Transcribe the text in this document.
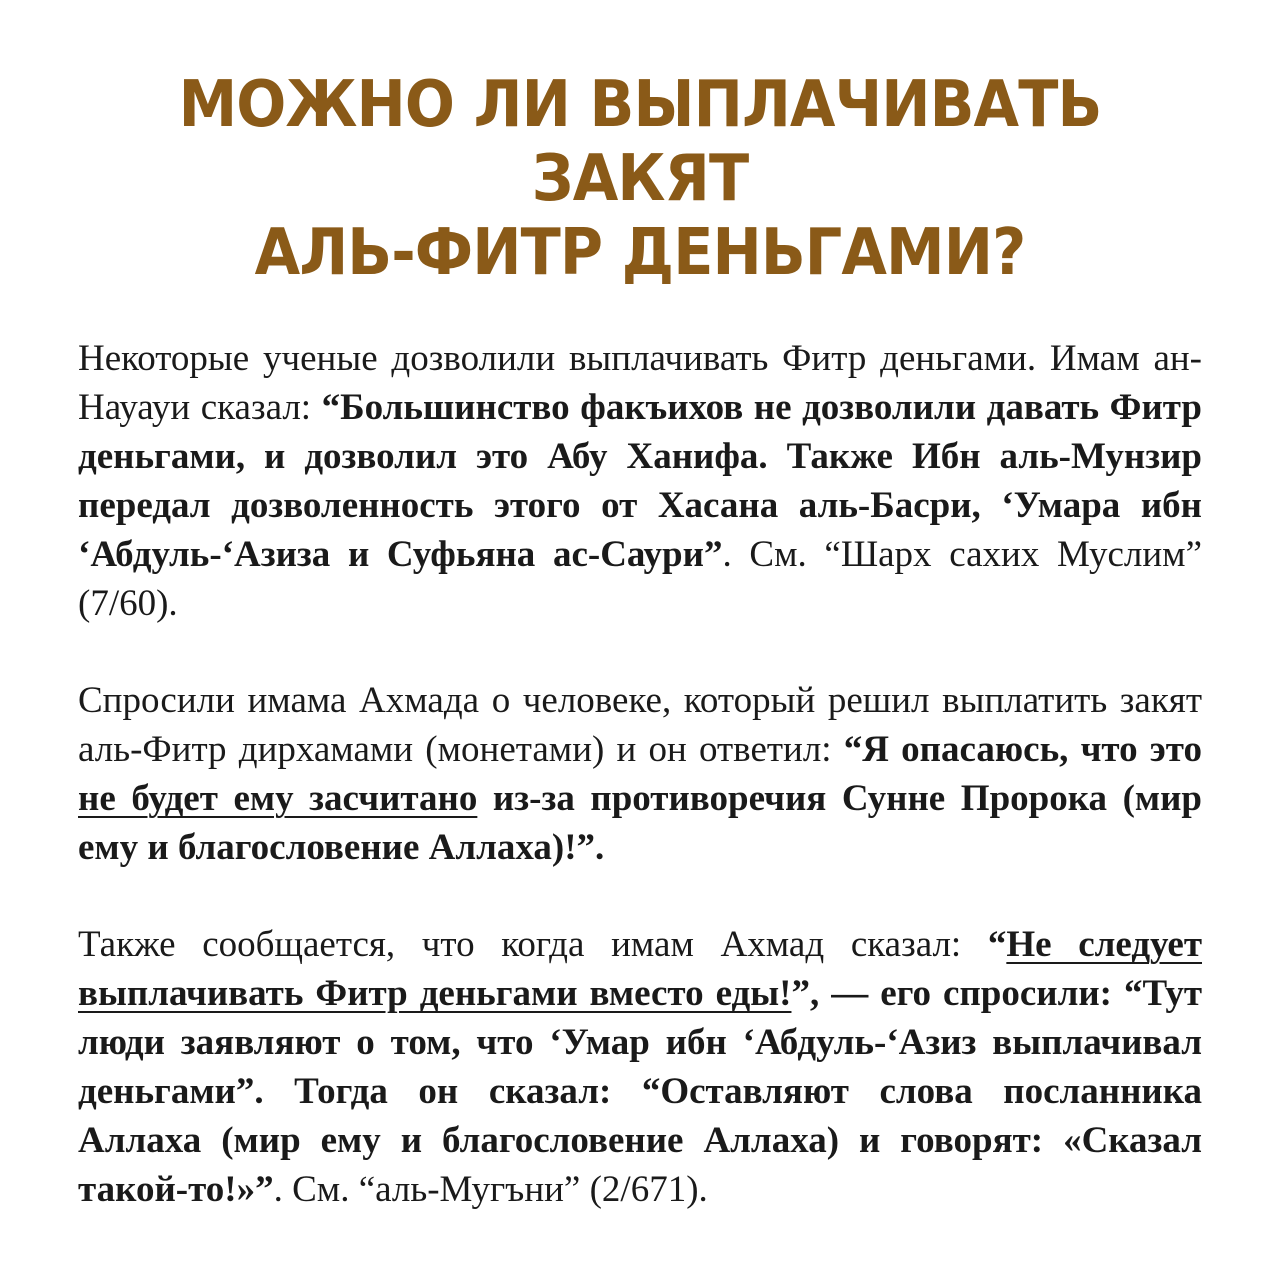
МОЖНО ЛИ ВЫПЛАЧИВАТЬ ЗАКЯТ
АЛЬ-ФИТР ДЕНЬГАМИ?

Некоторые ученые дозволили выплачивать Фитр деньгами. Имам ан-Науауи сказал: “Большинство факъихов не дозволили давать Фитр деньгами, и дозволил это Абу Ханифа. Также Ибн аль-Мунзир передал дозволенность этого от Хасана аль-Басри, ‘Умара ибн ‘Абдуль-‘Азиза и Суфьяна ас-Саури”. См. “Шарх сахих Муслим” (7/60).

Спросили имама Ахмада о человеке, который решил выплатить закят аль-Фитр дирхамами (монетами) и он ответил: “Я опасаюсь, что это не будет ему засчитано из-за противоречия Сунне Пророка (мир ему и благословение Аллаха)!”.

Также сообщается, что когда имам Ахмад сказал: “Не следует выплачивать Фитр деньгами вместо еды!”, — его спросили: “Тут люди заявляют о том, что ‘Умар ибн ‘Абдуль-‘Азиз выплачивал деньгами”. Тогда он сказал: “Оставляют слова посланника Аллаха (мир ему и благословение Аллаха) и говорят: «Сказал такой-то!»”. См. “аль-Мугъни” (2/671).
